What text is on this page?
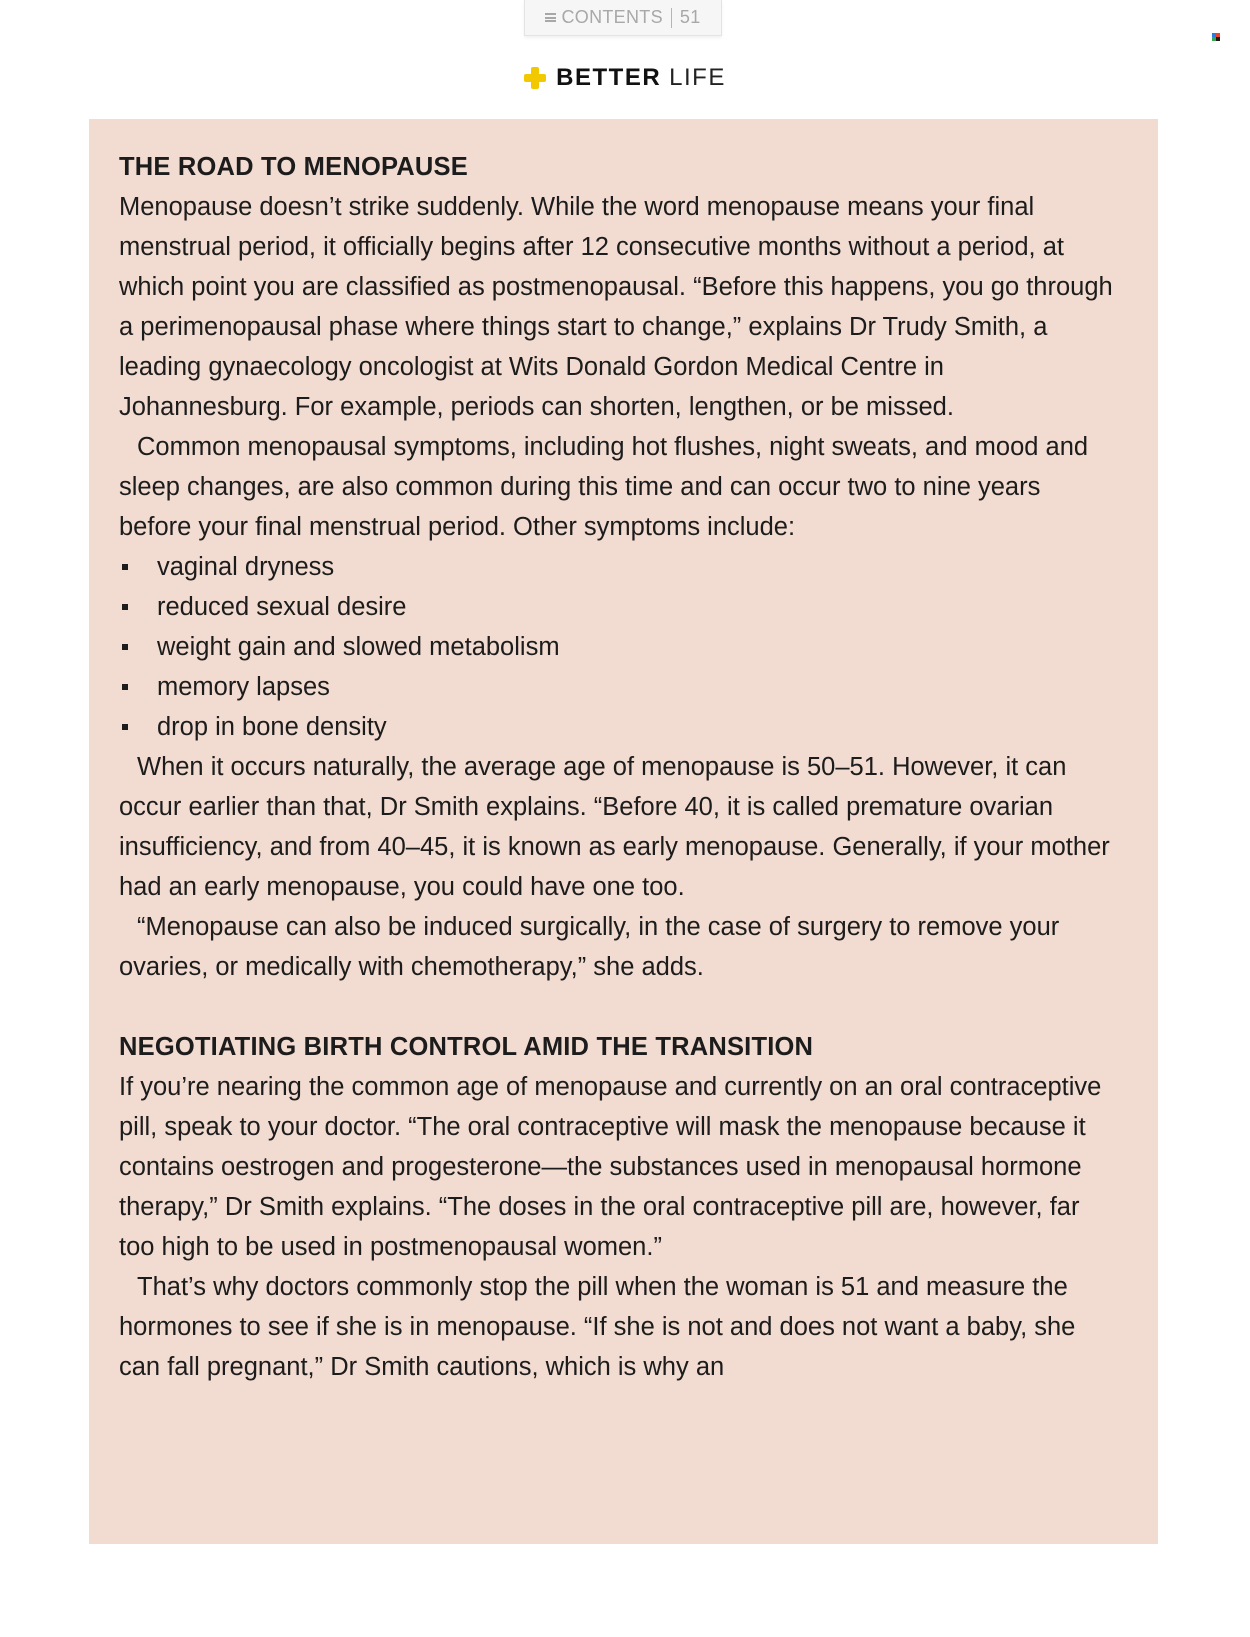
CONTENTS 51
BETTER LIFE
THE ROAD TO MENOPAUSE

Menopause doesn’t strike suddenly. While the word menopause means your final menstrual period, it officially begins after 12 consecutive months without a period, at which point you are classified as postmenopausal. “Before this happens, you go through a perimenopausal phase where things start to change,” explains Dr Trudy Smith, a leading gynaecology oncologist at Wits Donald Gordon Medical Centre in Johannesburg. For example, periods can shorten, lengthen, or be missed.

Common menopausal symptoms, including hot flushes, night sweats, and mood and sleep changes, are also common during this time and can occur two to nine years before your final menstrual period. Other symptoms include:

vaginal dryness
reduced sexual desire
weight gain and slowed metabolism
memory lapses
drop in bone density

When it occurs naturally, the average age of menopause is 50–51. However, it can occur earlier than that, Dr Smith explains. “Before 40, it is called premature ovarian insufficiency, and from 40–45, it is known as early menopause. Generally, if your mother had an early menopause, you could have one too.

“Menopause can also be induced surgically, in the case of surgery to remove your ovaries, or medically with chemotherapy,” she adds.

NEGOTIATING BIRTH CONTROL AMID THE TRANSITION

If you’re nearing the common age of menopause and currently on an oral contraceptive pill, speak to your doctor. “The oral contraceptive will mask the menopause because it contains oestrogen and progesterone—the substances used in menopausal hormone therapy,” Dr Smith explains. “The doses in the oral contraceptive pill are, however, far too high to be used in postmenopausal women.”

That’s why doctors commonly stop the pill when the woman is 51 and measure the hormones to see if she is in menopause. “If she is not and does not want a baby, she can fall pregnant,” Dr Smith cautions, which is why an
